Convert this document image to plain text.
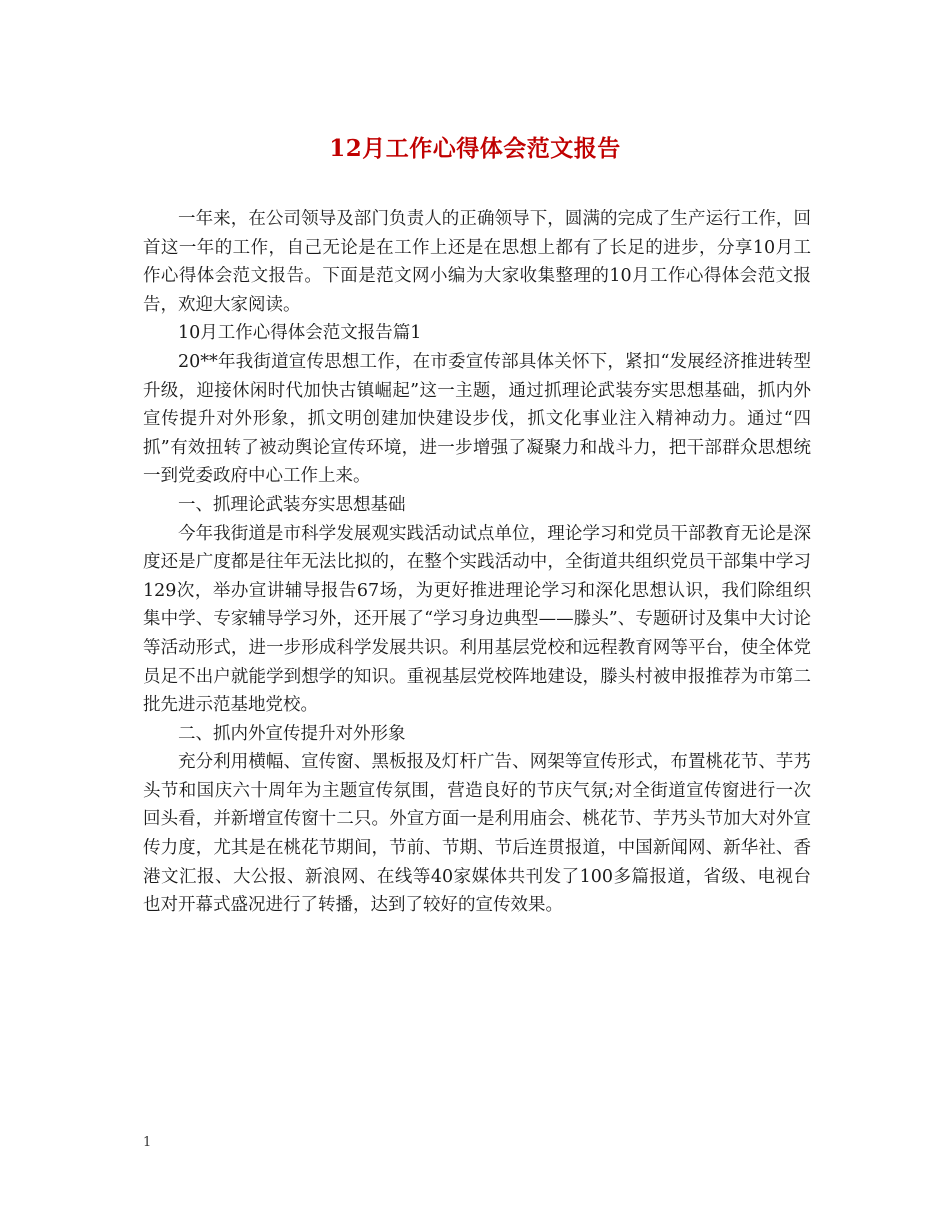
12月工作心得体会范文报告

一年来，在公司领导及部门负责人的正确领导下，圆满的完成了生产运行工作，回首这一年的工作，自己无论是在工作上还是在思想上都有了长足的进步，分享10月工作心得体会范文报告。下面是范文网小编为大家收集整理的10月工作心得体会范文报告，欢迎大家阅读。

10月工作心得体会范文报告篇1

20**年我街道宣传思想工作，在市委宣传部具体关怀下，紧扣“发展经济推进转型升级，迎接休闲时代加快古镇崛起”这一主题，通过抓理论武装夯实思想基础，抓内外宣传提升对外形象，抓文明创建加快建设步伐，抓文化事业注入精神动力。通过“四抓”有效扭转了被动舆论宣传环境，进一步增强了凝聚力和战斗力，把干部群众思想统一到党委政府中心工作上来。

一、抓理论武装夯实思想基础

今年我街道是市科学发展观实践活动试点单位，理论学习和党员干部教育无论是深度还是广度都是往年无法比拟的，在整个实践活动中，全街道共组织党员干部集中学习129次，举办宣讲辅导报告67场，为更好推进理论学习和深化思想认识，我们除组织集中学、专家辅导学习外，还开展了“学习身边典型——滕头”、专题研讨及集中大讨论等活动形式，进一步形成科学发展共识。利用基层党校和远程教育网等平台，使全体党员足不出户就能学到想学的知识。重视基层党校阵地建设，滕头村被申报推荐为市第二批先进示范基地党校。

二、抓内外宣传提升对外形象

充分利用横幅、宣传窗、黑板报及灯杆广告、网架等宣传形式，布置桃花节、芋艿头节和国庆六十周年为主题宣传氛围，营造良好的节庆气氛;对全街道宣传窗进行一次回头看，并新增宣传窗十二只。外宣方面一是利用庙会、桃花节、芋艿头节加大对外宣传力度，尤其是在桃花节期间，节前、节期、节后连贯报道，中国新闻网、新华社、香港文汇报、大公报、新浪网、在线等40家媒体共刊发了100多篇报道，省级、电视台也对开幕式盛况进行了转播，达到了较好的宣传效果。

1
